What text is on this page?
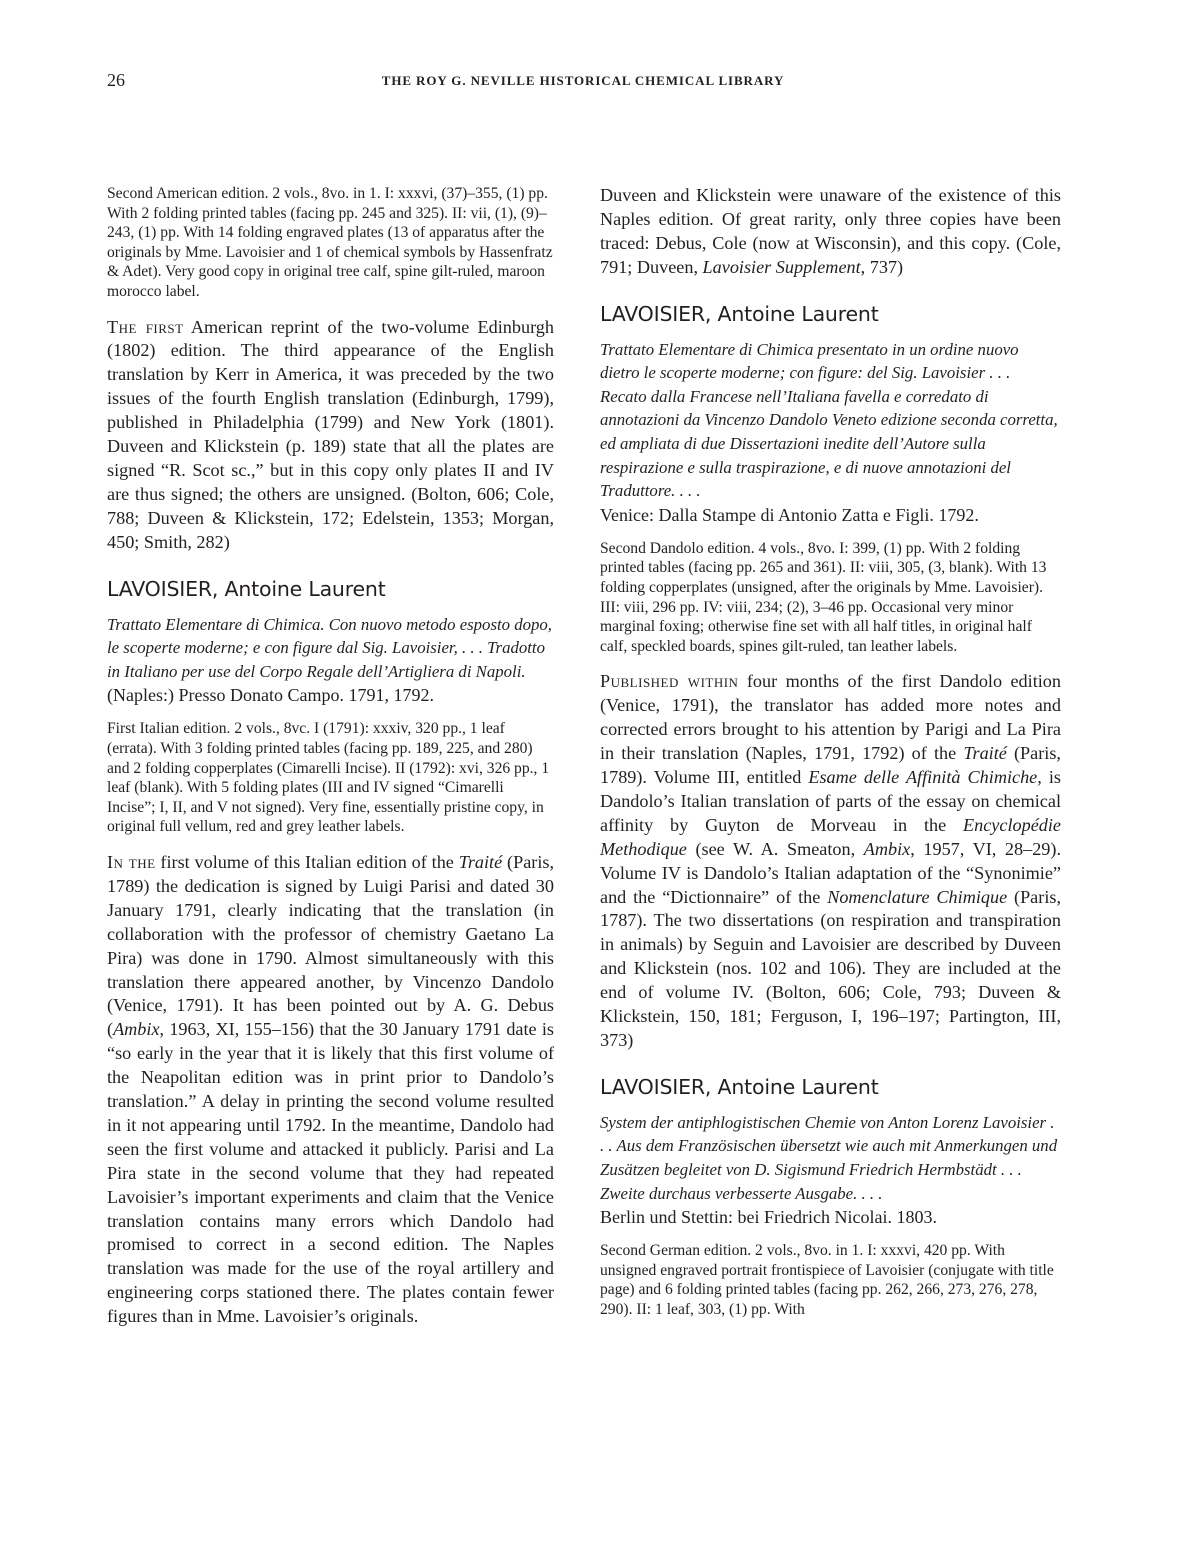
26	THE ROY G. NEVILLE HISTORICAL CHEMICAL LIBRARY

Second American edition. 2 vols., 8vo. in 1. I: xxxvi, (37)–355, (1) pp. With 2 folding printed tables (facing pp. 245 and 325). II: vii, (1), (9)–243, (1) pp. With 14 folding engraved plates (13 of apparatus after the originals by Mme. Lavoisier and 1 of chemical symbols by Hassenfratz & Adet). Very good copy in original tree calf, spine gilt-ruled, maroon morocco label.

The first American reprint of the two-volume Edinburgh (1802) edition. The third appearance of the English translation by Kerr in America, it was preceded by the two issues of the fourth English translation (Edinburgh, 1799), published in Philadelphia (1799) and New York (1801). Duveen and Klickstein (p. 189) state that all the plates are signed “R. Scot sc.,” but in this copy only plates II and IV are thus signed; the others are unsigned. (Bolton, 606; Cole, 788; Duveen & Klickstein, 172; Edelstein, 1353; Morgan, 450; Smith, 282)

LAVOISIER, Antoine Laurent

Trattato Elementare di Chimica. Con nuovo metodo esposto dopo, le scoperte moderne; e con figure dal Sig. Lavoisier, . . . Tradotto in Italiano per use del Corpo Regale dell’Artigliera di Napoli.

(Naples:) Presso Donato Campo. 1791, 1792.

First Italian edition. 2 vols., 8vc. I (1791): xxxiv, 320 pp., 1 leaf (errata). With 3 folding printed tables (facing pp. 189, 225, and 280) and 2 folding copperplates (Cimarelli Incise). II (1792): xvi, 326 pp., 1 leaf (blank). With 5 folding plates (III and IV signed “Cimarelli Incise”; I, II, and V not signed). Very fine, essentially pristine copy, in original full vellum, red and grey leather labels.

In the first volume of this Italian edition of the Traité (Paris, 1789) the dedication is signed by Luigi Parisi and dated 30 January 1791, clearly indicating that the translation (in collaboration with the professor of chemistry Gaetano La Pira) was done in 1790. Almost simultaneously with this translation there appeared another, by Vincenzo Dandolo (Venice, 1791). It has been pointed out by A. G. Debus (Ambix, 1963, XI, 155–156) that the 30 January 1791 date is “so early in the year that it is likely that this first volume of the Neapolitan edition was in print prior to Dandolo’s translation.” A delay in printing the second volume resulted in it not appearing until 1792. In the meantime, Dandolo had seen the first volume and attacked it publicly. Parisi and La Pira state in the second volume that they had repeated Lavoisier’s important experiments and claim that the Venice translation contains many errors which Dandolo had promised to correct in a second edition. The Naples translation was made for the use of the royal artillery and engineering corps stationed there. The plates contain fewer figures than in Mme. Lavoisier’s originals.

Duveen and Klickstein were unaware of the existence of this Naples edition. Of great rarity, only three copies have been traced: Debus, Cole (now at Wisconsin), and this copy. (Cole, 791; Duveen, Lavoisier Supplement, 737)

LAVOISIER, Antoine Laurent

Trattato Elementare di Chimica presentato in un ordine nuovo dietro le scoperte moderne; con figure: del Sig. Lavoisier . . . Recato dalla Francese nell’Italiana favella e corredato di annotazioni da Vincenzo Dandolo Veneto edizione seconda corretta, ed ampliata di due Dissertazioni inedite dell’Autore sulla respirazione e sulla traspirazione, e di nuove annotazioni del Traduttore. . . .

Venice: Dalla Stampe di Antonio Zatta e Figli. 1792.

Second Dandolo edition. 4 vols., 8vo. I: 399, (1) pp. With 2 folding printed tables (facing pp. 265 and 361). II: viii, 305, (3, blank). With 13 folding copperplates (unsigned, after the originals by Mme. Lavoisier). III: viii, 296 pp. IV: viii, 234; (2), 3–46 pp. Occasional very minor marginal foxing; otherwise fine set with all half titles, in original half calf, speckled boards, spines gilt-ruled, tan leather labels.

Published within four months of the first Dandolo edition (Venice, 1791), the translator has added more notes and corrected errors brought to his attention by Parigi and La Pira in their translation (Naples, 1791, 1792) of the Traité (Paris, 1789). Volume III, entitled Esame delle Affinità Chimiche, is Dandolo’s Italian translation of parts of the essay on chemical affinity by Guyton de Morveau in the Encyclopédie Methodique (see W. A. Smeaton, Ambix, 1957, VI, 28–29). Volume IV is Dandolo’s Italian adaptation of the “Synonimie” and the “Dictionnaire” of the Nomenclature Chimique (Paris, 1787). The two dissertations (on respiration and transpiration in animals) by Seguin and Lavoisier are described by Duveen and Klickstein (nos. 102 and 106). They are included at the end of volume IV. (Bolton, 606; Cole, 793; Duveen & Klickstein, 150, 181; Ferguson, I, 196–197; Partington, III, 373)

LAVOISIER, Antoine Laurent

System der antiphlogistischen Chemie von Anton Lorenz Lavoisier . . . Aus dem Französischen übersetzt wie auch mit Anmerkungen und Zusätzen begleitet von D. Sigismund Friedrich Hermbstädt . . . Zweite durchaus verbesserte Ausgabe. . . .

Berlin und Stettin: bei Friedrich Nicolai. 1803.

Second German edition. 2 vols., 8vo. in 1. I: xxxvi, 420 pp. With unsigned engraved portrait frontispiece of Lavoisier (conjugate with title page) and 6 folding printed tables (facing pp. 262, 266, 273, 276, 278, 290). II: 1 leaf, 303, (1) pp. With
